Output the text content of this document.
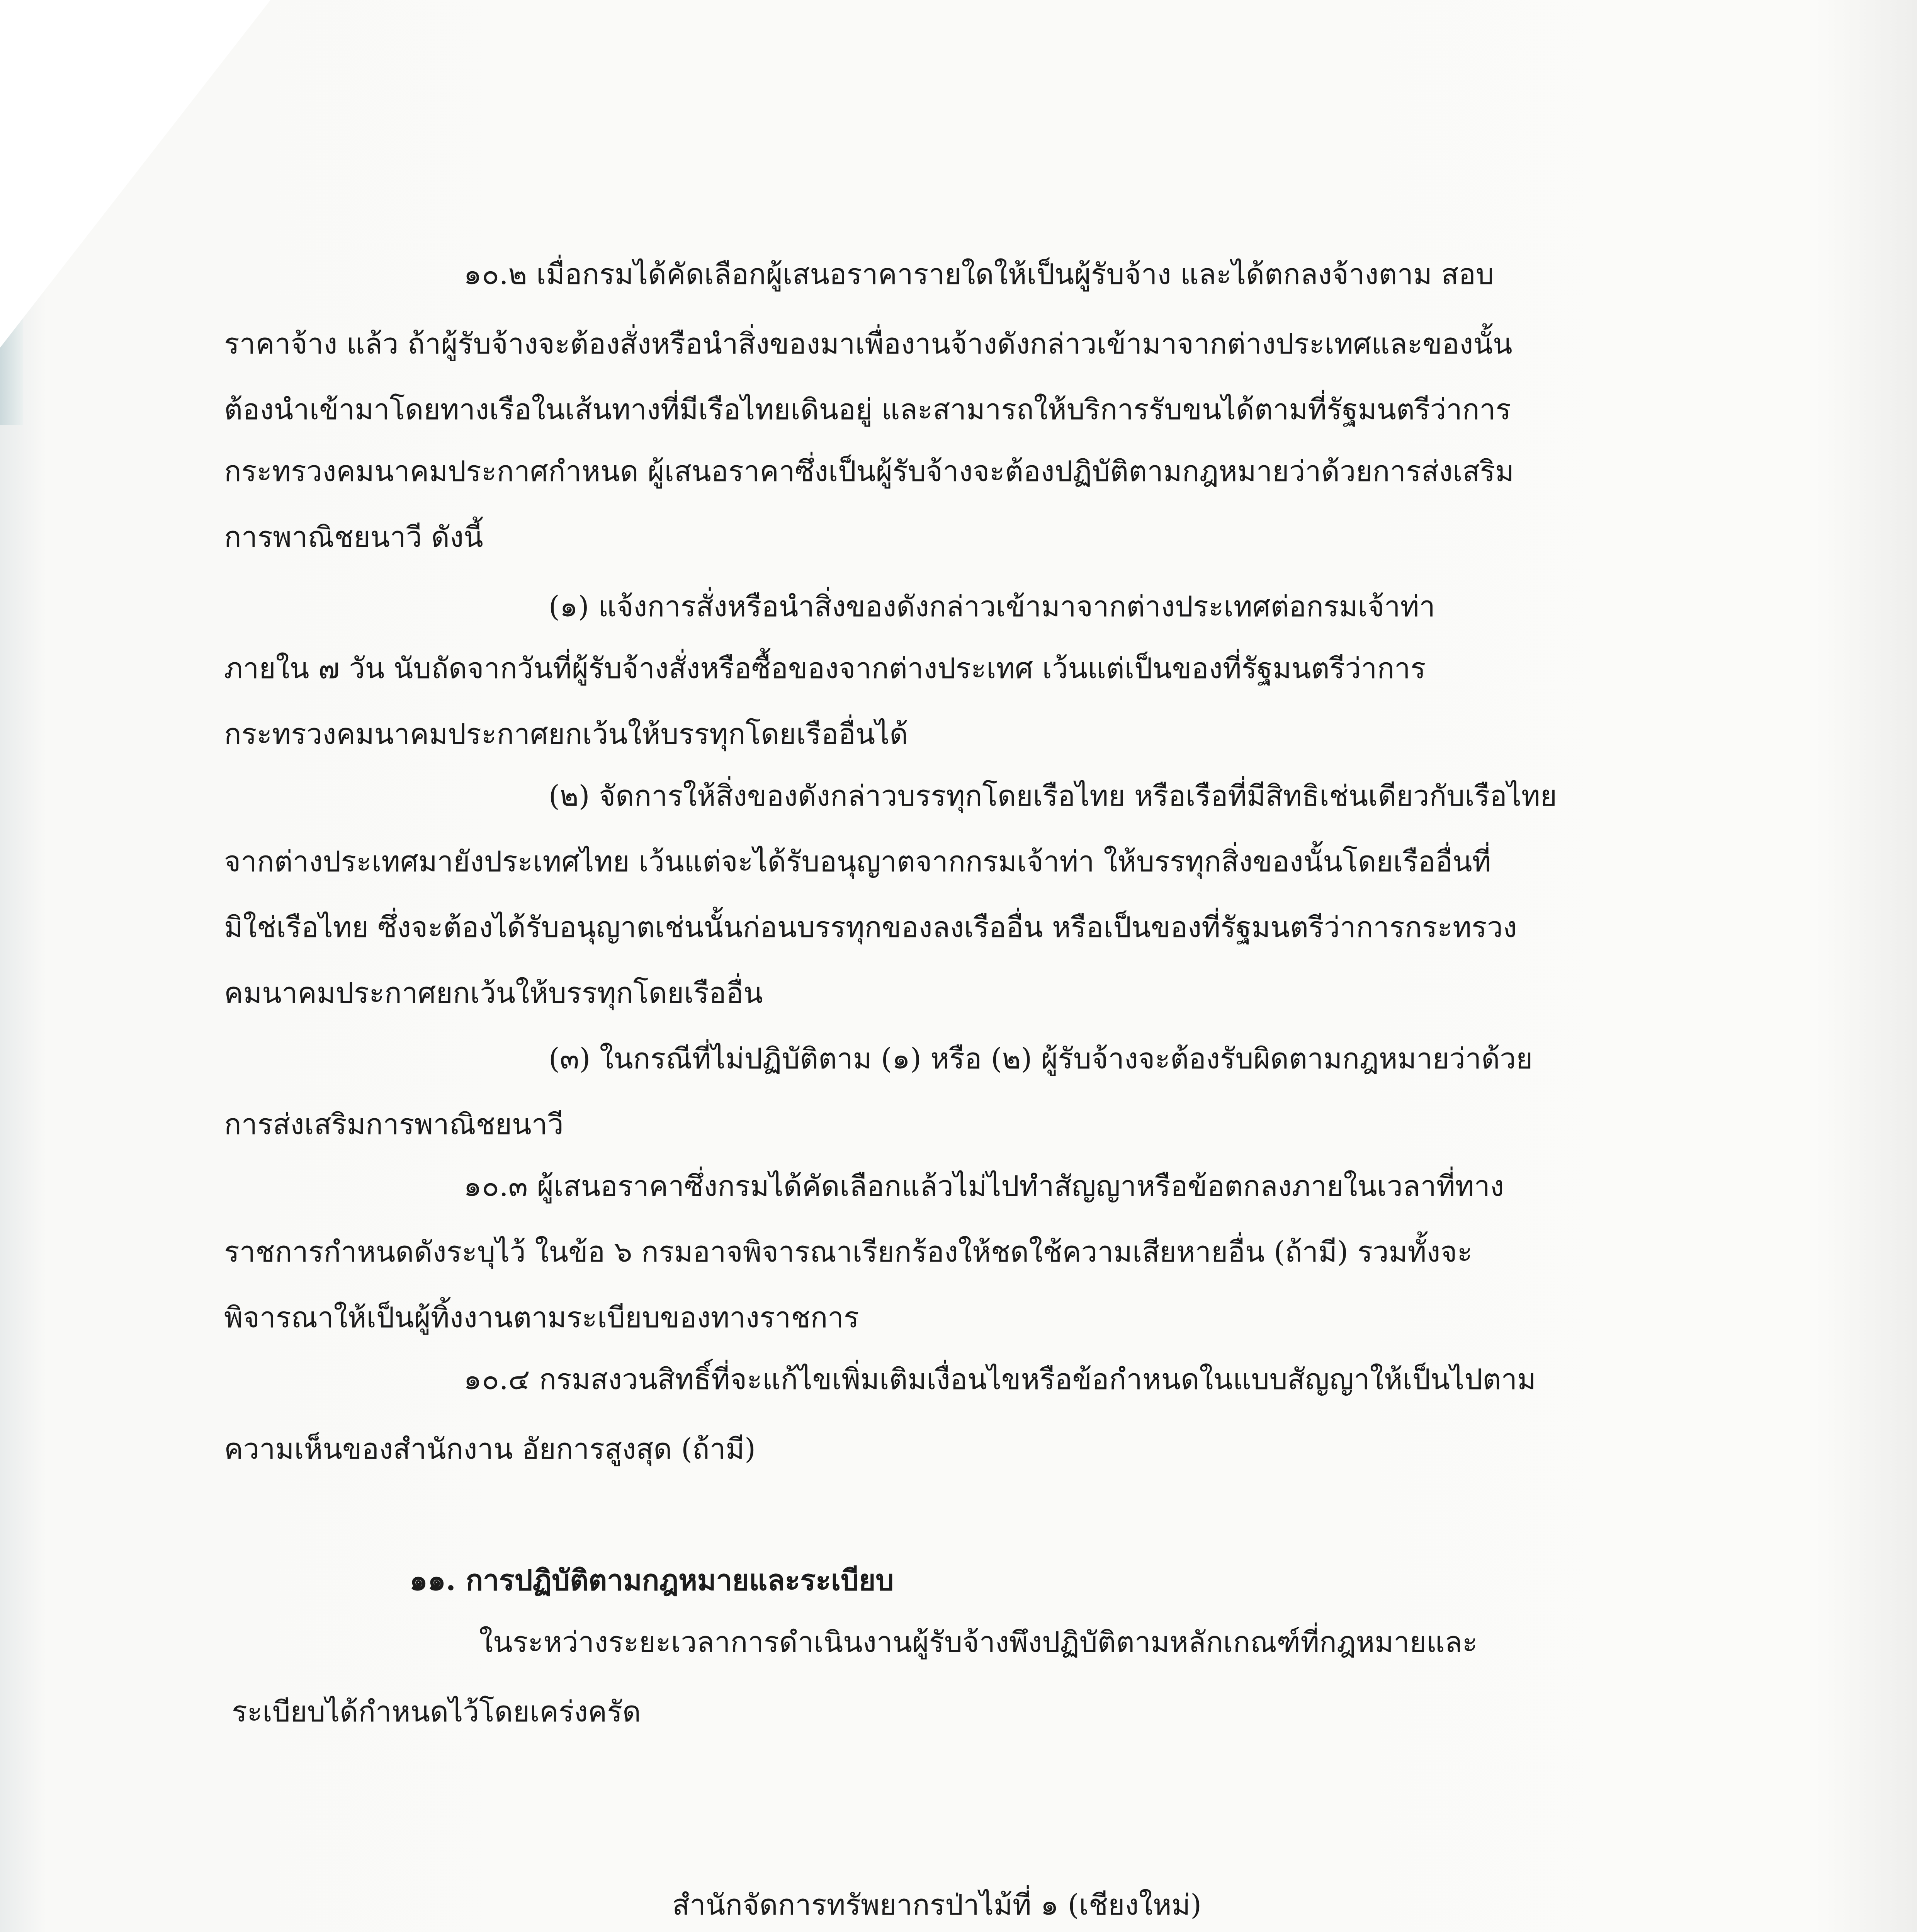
๑๐.๒ เมื่อกรมได้คัดเลือกผู้เสนอราคารายใดให้เป็นผู้รับจ้าง และได้ตกลงจ้างตาม สอบ
ราคาจ้าง แล้ว ถ้าผู้รับจ้างจะต้องสั่งหรือนำสิ่งของมาเพื่องานจ้างดังกล่าวเข้ามาจากต่างประเทศและของนั้น
ต้องนำเข้ามาโดยทางเรือในเส้นทางที่มีเรือไทยเดินอยู่ และสามารถให้บริการรับขนได้ตามที่รัฐมนตรีว่าการ
กระทรวงคมนาคมประกาศกำหนด ผู้เสนอราคาซึ่งเป็นผู้รับจ้างจะต้องปฏิบัติตามกฎหมายว่าด้วยการส่งเสริม
การพาณิชยนาวี ดังนี้
(๑) แจ้งการสั่งหรือนำสิ่งของดังกล่าวเข้ามาจากต่างประเทศต่อกรมเจ้าท่า
ภายใน ๗ วัน นับถัดจากวันที่ผู้รับจ้างสั่งหรือซื้อของจากต่างประเทศ เว้นแต่เป็นของที่รัฐมนตรีว่าการ
กระทรวงคมนาคมประกาศยกเว้นให้บรรทุกโดยเรืออื่นได้
(๒) จัดการให้สิ่งของดังกล่าวบรรทุกโดยเรือไทย หรือเรือที่มีสิทธิเช่นเดียวกับเรือไทย
จากต่างประเทศมายังประเทศไทย เว้นแต่จะได้รับอนุญาตจากกรมเจ้าท่า ให้บรรทุกสิ่งของนั้นโดยเรืออื่นที่
มิใช่เรือไทย ซึ่งจะต้องได้รับอนุญาตเช่นนั้นก่อนบรรทุกของลงเรืออื่น หรือเป็นของที่รัฐมนตรีว่าการกระทรวง
คมนาคมประกาศยกเว้นให้บรรทุกโดยเรืออื่น
(๓) ในกรณีที่ไม่ปฏิบัติตาม (๑) หรือ (๒) ผู้รับจ้างจะต้องรับผิดตามกฎหมายว่าด้วย
การส่งเสริมการพาณิชยนาวี
๑๐.๓ ผู้เสนอราคาซึ่งกรมได้คัดเลือกแล้วไม่ไปทำสัญญาหรือข้อตกลงภายในเวลาที่ทาง
ราชการกำหนดดังระบุไว้ ในข้อ ๖ กรมอาจพิจารณาเรียกร้องให้ชดใช้ความเสียหายอื่น (ถ้ามี) รวมทั้งจะ
พิจารณาให้เป็นผู้ทิ้งงานตามระเบียบของทางราชการ
๑๐.๔ กรมสงวนสิทธิ์ที่จะแก้ไขเพิ่มเติมเงื่อนไขหรือข้อกำหนดในแบบสัญญาให้เป็นไปตาม
ความเห็นของสำนักงาน อัยการสูงสุด (ถ้ามี)
๑๑. การปฏิบัติตามกฎหมายและระเบียบ
ในระหว่างระยะเวลาการดำเนินงานผู้รับจ้างพึงปฏิบัติตามหลักเกณฑ์ที่กฎหมายและ
ระเบียบได้กำหนดไว้โดยเคร่งครัด
สำนักจัดการทรัพยากรป่าไม้ที่ ๑ (เชียงใหม่)
